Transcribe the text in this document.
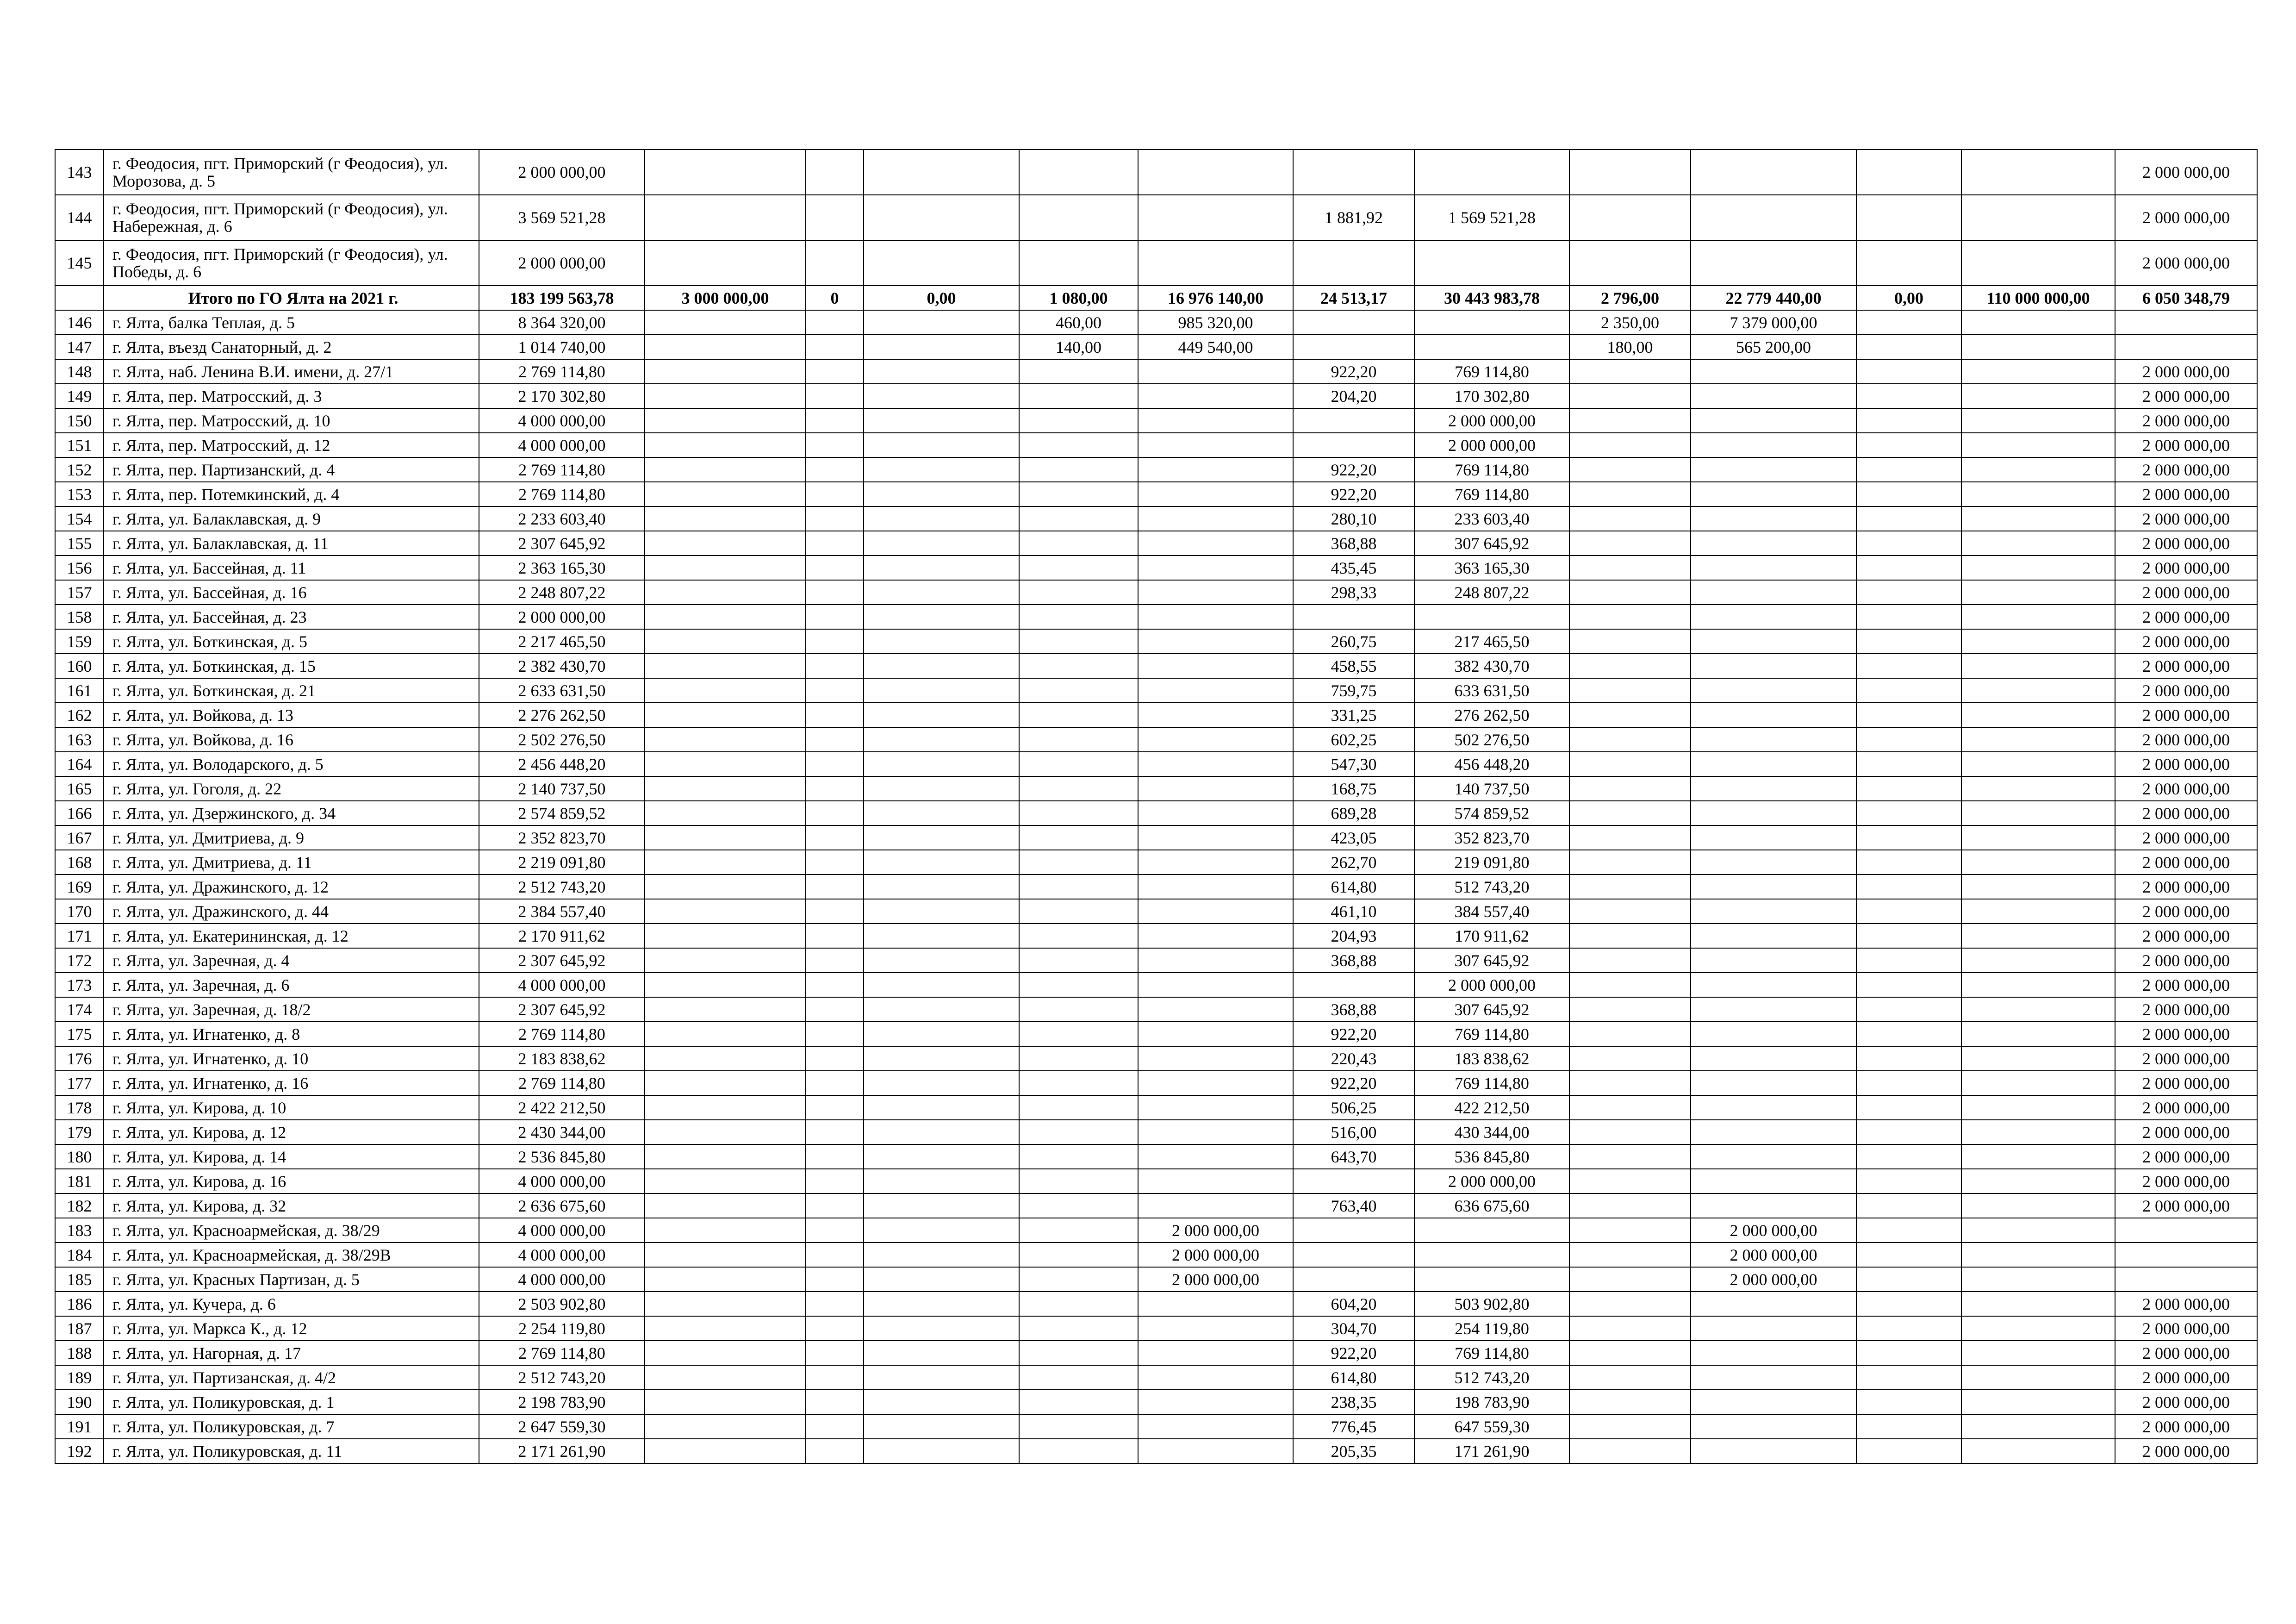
143	г. Феодосия, пгт. Приморский (г Феодосия), ул. Морозова, д. 5	2 000 000,00												2 000 000,00	
144	г. Феодосия, пгт. Приморский (г Феодосия), ул. Набережная, д. 6	3 569 521,28						1 881,92	1 569 521,28					2 000 000,00	
145	г. Феодосия, пгт. Приморский (г Феодосия), ул. Победы, д. 6	2 000 000,00												2 000 000,00	
	Итого по ГО Ялта на 2021 г.	183 199 563,78	3 000 000,00	0	0,00	1 080,00	16 976 140,00	24 513,17	30 443 983,78	2 796,00	22 779 440,00	0,00	110 000 000,00	6 050 348,79	
146	г. Ялта, балка Теплая, д. 5	8 364 320,00				460,00	985 320,00			2 350,00	7 379 000,00				
147	г. Ялта, въезд Санаторный, д. 2	1 014 740,00				140,00	449 540,00			180,00	565 200,00				
148	г. Ялта, наб. Ленина В.И. имени, д. 27/1	2 769 114,80						922,20	769 114,80					2 000 000,00	
149	г. Ялта, пер. Матросский, д. 3	2 170 302,80						204,20	170 302,80					2 000 000,00	
150	г. Ялта, пер. Матросский, д. 10	4 000 000,00							2 000 000,00					2 000 000,00	
151	г. Ялта, пер. Матросский, д. 12	4 000 000,00							2 000 000,00					2 000 000,00	
152	г. Ялта, пер. Партизанский, д. 4	2 769 114,80						922,20	769 114,80					2 000 000,00	
153	г. Ялта, пер. Потемкинский, д. 4	2 769 114,80						922,20	769 114,80					2 000 000,00	
154	г. Ялта, ул. Балаклавская, д. 9	2 233 603,40						280,10	233 603,40					2 000 000,00	
155	г. Ялта, ул. Балаклавская, д. 11	2 307 645,92						368,88	307 645,92					2 000 000,00	
156	г. Ялта, ул. Бассейная, д. 11	2 363 165,30						435,45	363 165,30					2 000 000,00	
157	г. Ялта, ул. Бассейная, д. 16	2 248 807,22						298,33	248 807,22					2 000 000,00	
158	г. Ялта, ул. Бассейная, д. 23	2 000 000,00												2 000 000,00	
159	г. Ялта, ул. Боткинская, д. 5	2 217 465,50						260,75	217 465,50					2 000 000,00	
160	г. Ялта, ул. Боткинская, д. 15	2 382 430,70						458,55	382 430,70					2 000 000,00	
161	г. Ялта, ул. Боткинская, д. 21	2 633 631,50						759,75	633 631,50					2 000 000,00	
162	г. Ялта, ул. Войкова, д. 13	2 276 262,50						331,25	276 262,50					2 000 000,00	
163	г. Ялта, ул. Войкова, д. 16	2 502 276,50						602,25	502 276,50					2 000 000,00	
164	г. Ялта, ул. Володарского, д. 5	2 456 448,20						547,30	456 448,20					2 000 000,00	
165	г. Ялта, ул. Гоголя, д. 22	2 140 737,50						168,75	140 737,50					2 000 000,00	
166	г. Ялта, ул. Дзержинского, д. 34	2 574 859,52						689,28	574 859,52					2 000 000,00	
167	г. Ялта, ул. Дмитриева, д. 9	2 352 823,70						423,05	352 823,70					2 000 000,00	
168	г. Ялта, ул. Дмитриева, д. 11	2 219 091,80						262,70	219 091,80					2 000 000,00	
169	г. Ялта, ул. Дражинского, д. 12	2 512 743,20						614,80	512 743,20					2 000 000,00	
170	г. Ялта, ул. Дражинского, д. 44	2 384 557,40						461,10	384 557,40					2 000 000,00	
171	г. Ялта, ул. Екатерининская, д. 12	2 170 911,62						204,93	170 911,62					2 000 000,00	
172	г. Ялта, ул. Заречная, д. 4	2 307 645,92						368,88	307 645,92					2 000 000,00	
173	г. Ялта, ул. Заречная, д. 6	4 000 000,00							2 000 000,00					2 000 000,00	
174	г. Ялта, ул. Заречная, д. 18/2	2 307 645,92						368,88	307 645,92					2 000 000,00	
175	г. Ялта, ул. Игнатенко, д. 8	2 769 114,80						922,20	769 114,80					2 000 000,00	
176	г. Ялта, ул. Игнатенко, д. 10	2 183 838,62						220,43	183 838,62					2 000 000,00	
177	г. Ялта, ул. Игнатенко, д. 16	2 769 114,80						922,20	769 114,80					2 000 000,00	
178	г. Ялта, ул. Кирова, д. 10	2 422 212,50						506,25	422 212,50					2 000 000,00	
179	г. Ялта, ул. Кирова, д. 12	2 430 344,00						516,00	430 344,00					2 000 000,00	
180	г. Ялта, ул. Кирова, д. 14	2 536 845,80						643,70	536 845,80					2 000 000,00	
181	г. Ялта, ул. Кирова, д. 16	4 000 000,00							2 000 000,00					2 000 000,00	
182	г. Ялта, ул. Кирова, д. 32	2 636 675,60						763,40	636 675,60					2 000 000,00	
183	г. Ялта, ул. Красноармейская, д. 38/29	4 000 000,00					2 000 000,00				2 000 000,00				
184	г. Ялта, ул. Красноармейская, д. 38/29В	4 000 000,00					2 000 000,00				2 000 000,00				
185	г. Ялта, ул. Красных Партизан, д. 5	4 000 000,00					2 000 000,00				2 000 000,00				
186	г. Ялта, ул. Кучера, д. 6	2 503 902,80						604,20	503 902,80					2 000 000,00	
187	г. Ялта, ул. Маркса К., д. 12	2 254 119,80						304,70	254 119,80					2 000 000,00	
188	г. Ялта, ул. Нагорная, д. 17	2 769 114,80						922,20	769 114,80					2 000 000,00	
189	г. Ялта, ул. Партизанская, д. 4/2	2 512 743,20						614,80	512 743,20					2 000 000,00	
190	г. Ялта, ул. Поликуровская, д. 1	2 198 783,90						238,35	198 783,90					2 000 000,00	
191	г. Ялта, ул. Поликуровская, д. 7	2 647 559,30						776,45	647 559,30					2 000 000,00	
192	г. Ялта, ул. Поликуровская, д. 11	2 171 261,90						205,35	171 261,90					2 000 000,00	
